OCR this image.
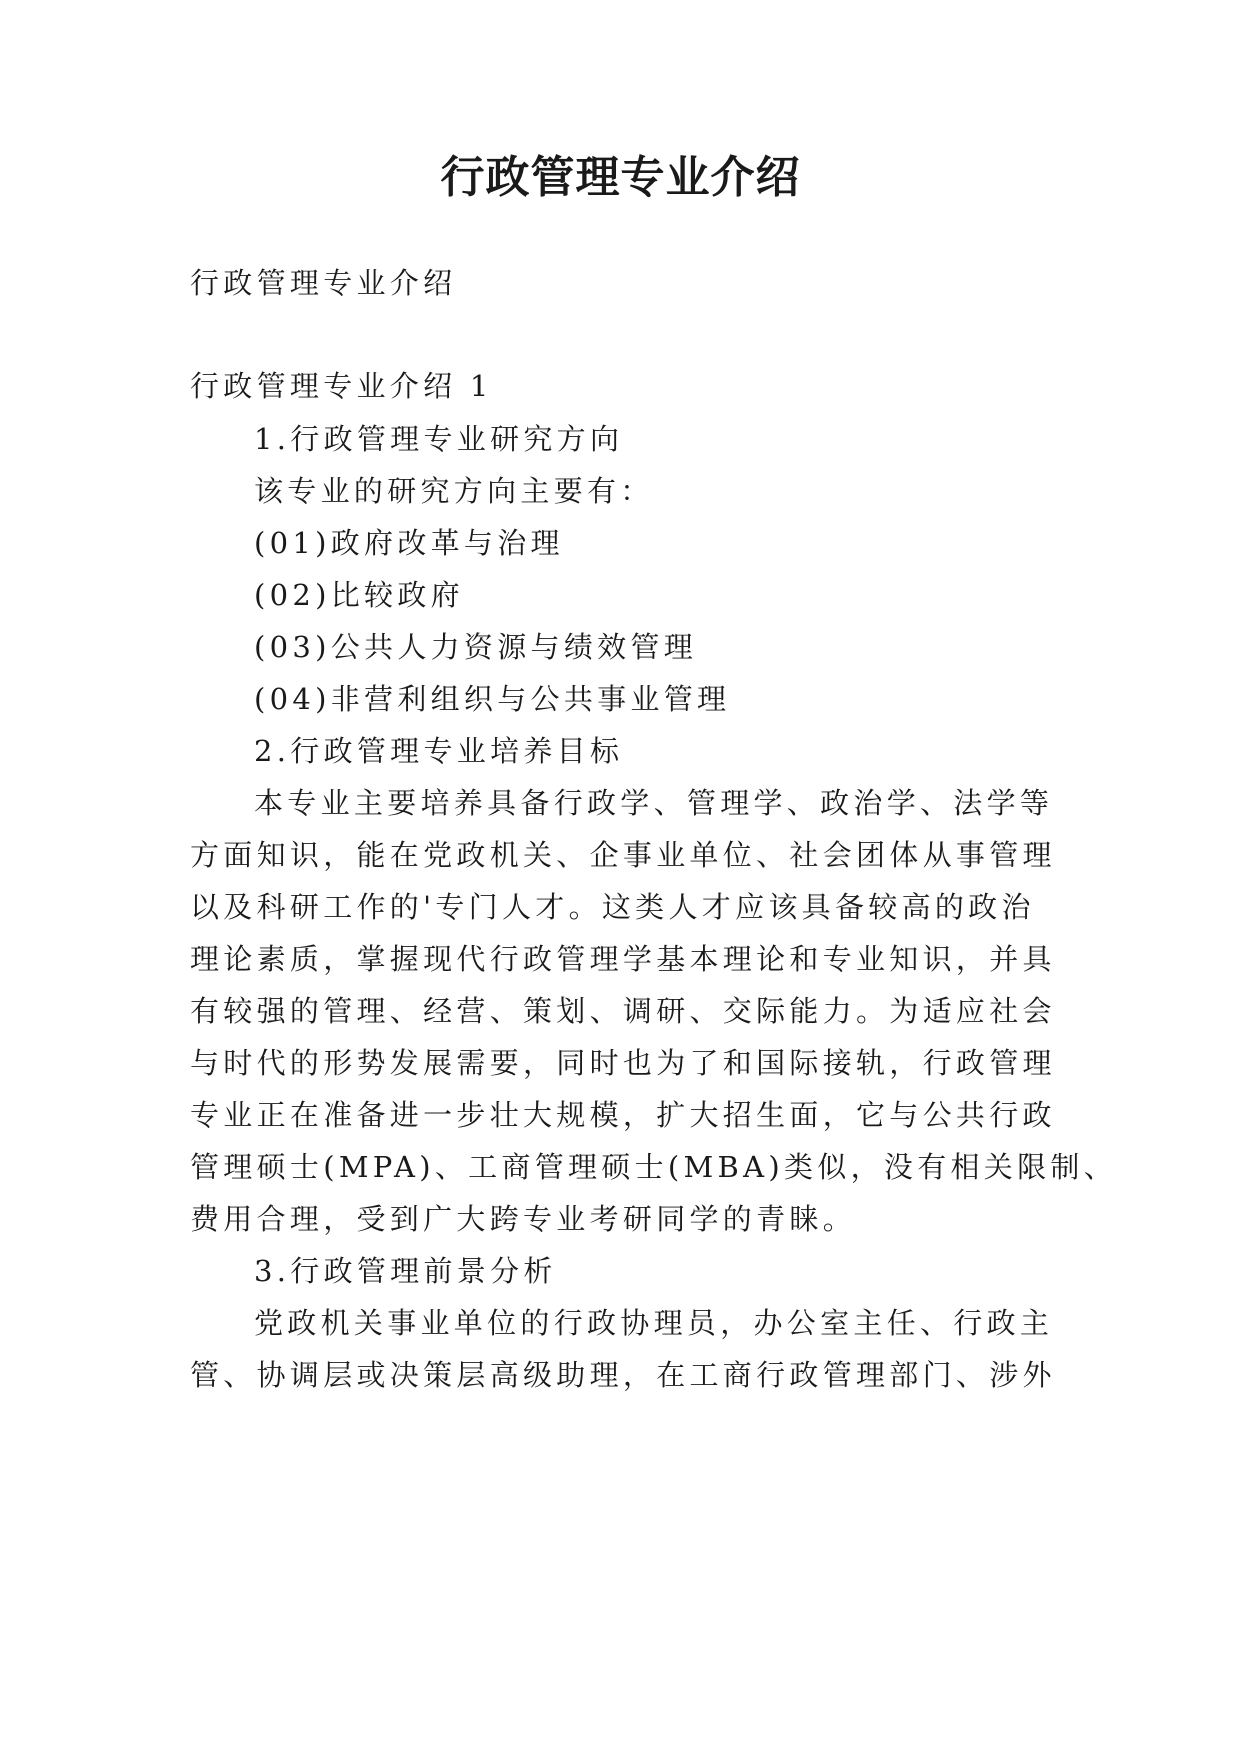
行政管理专业介绍
行政管理专业介绍
行政管理专业介绍 1
1.行政管理专业研究方向
该专业的研究方向主要有：
(01)政府改革与治理
(02)比较政府
(03)公共人力资源与绩效管理
(04)非营利组织与公共事业管理
2.行政管理专业培养目标
本专业主要培养具备行政学、管理学、政治学、法学等
方面知识，能在党政机关、企事业单位、社会团体从事管理
以及科研工作的'专门人才。这类人才应该具备较高的政治
理论素质，掌握现代行政管理学基本理论和专业知识，并具
有较强的管理、经营、策划、调研、交际能力。为适应社会
与时代的形势发展需要，同时也为了和国际接轨，行政管理
专业正在准备进一步壮大规模，扩大招生面，它与公共行政
管理硕士(MPA)、工商管理硕士(MBA)类似，没有相关限制、
费用合理，受到广大跨专业考研同学的青睐。
3.行政管理前景分析
党政机关事业单位的行政协理员，办公室主任、行政主
管、协调层或决策层高级助理，在工商行政管理部门、涉外
